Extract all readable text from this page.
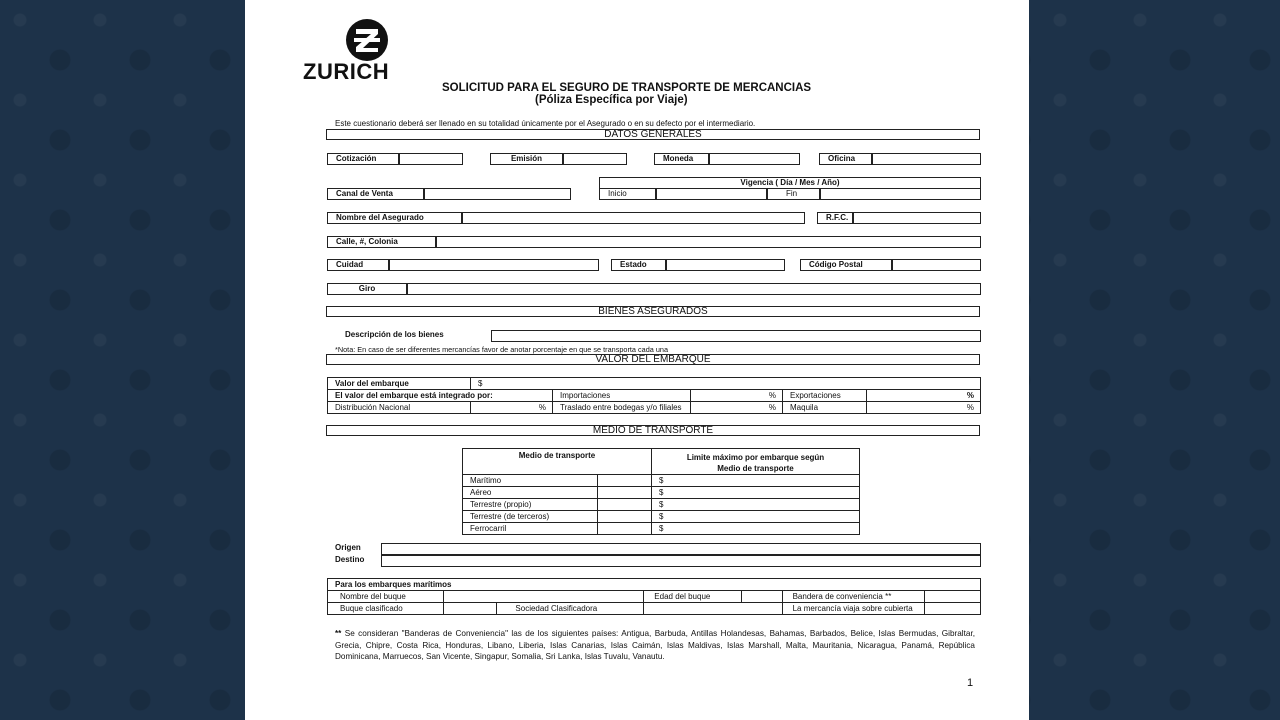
ZURICH
SOLICITUD PARA EL SEGURO DE TRANSPORTE DE MERCANCIAS
(Póliza Específica por Viaje)
Este cuestionario deberá ser llenado en su totalidad únicamente por el Asegurado o en su defecto por el intermediario.
DATOS GENERALES
Cotización	Emisión	Moneda	Oficina
Vigencia ( Día / Mes / Año)
Canal de Venta	Inicio	Fin
Nombre del Asegurado	R.F.C.
Calle, #, Colonia
Cuidad	Estado	Código Postal
Giro
BIENES ASEGURADOS
Descripción de los bienes
*Nota: En caso de ser diferentes mercancías favor de anotar porcentaje en que se transporta cada una
VALOR DEL EMBARQUE
Valor del embarque	$				
El valor del embarque está integrado por:		Importaciones	%	Exportaciones	%
Distribución Nacional	%	Traslado entre bodegas y/o filiales	%	Maquila	%
MEDIO DE TRANSPORTE
Medio de transporte		Limite máximo por embarque según
Medio de transporte

Marítimo		$
Aéreo		$
Terrestre (propio)		$
Terrestre (de terceros)		$
Ferrocarril		$
Origen
Destino
Para los embarques marítimos						
Nombre del buque			Edad del buque		Bandera de conveniencia **	
Buque clasificado		Sociedad Clasificadora			La mercancía viaja sobre cubierta	
** Se consideran "Banderas de Conveniencia" las de los siguientes países: Antigua, Barbuda, Antillas Holandesas, Bahamas, Barbados, Belice, Islas Bermudas, Gibraltar, Grecia, Chipre, Costa Rica, Honduras, Libano, Liberia, Islas Canarias, Islas Caimán, Islas Maldivas, Islas Marshall, Malta, Mauritania, Nicaragua, Panamá, República Dominicana, Marruecos, San Vicente, Singapur, Somalia, Sri Lanka, Islas Tuvalu, Vanautu.
1
